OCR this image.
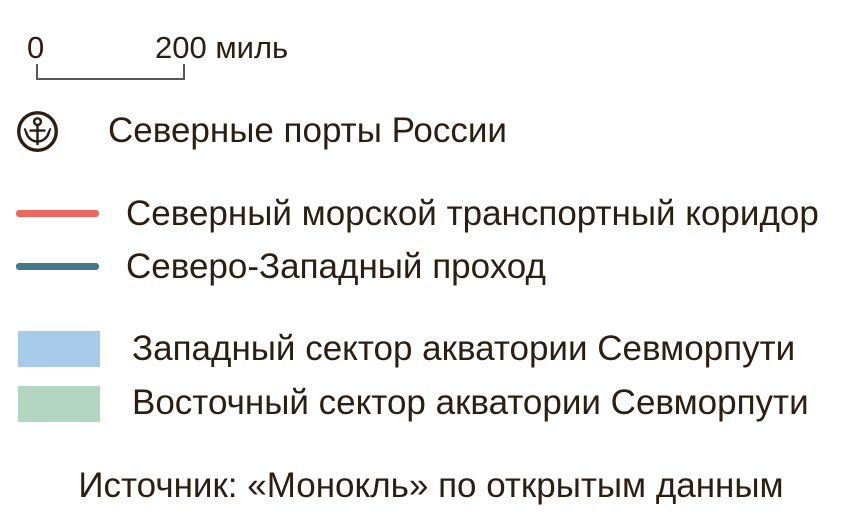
0	200 миль
Северные порты России
Северный морской транспортный коридор
Северо-Западный проход
Западный сектор акватории Севморпути
Восточный сектор акватории Севморпути
Источник: «Монокль» по открытым данным
